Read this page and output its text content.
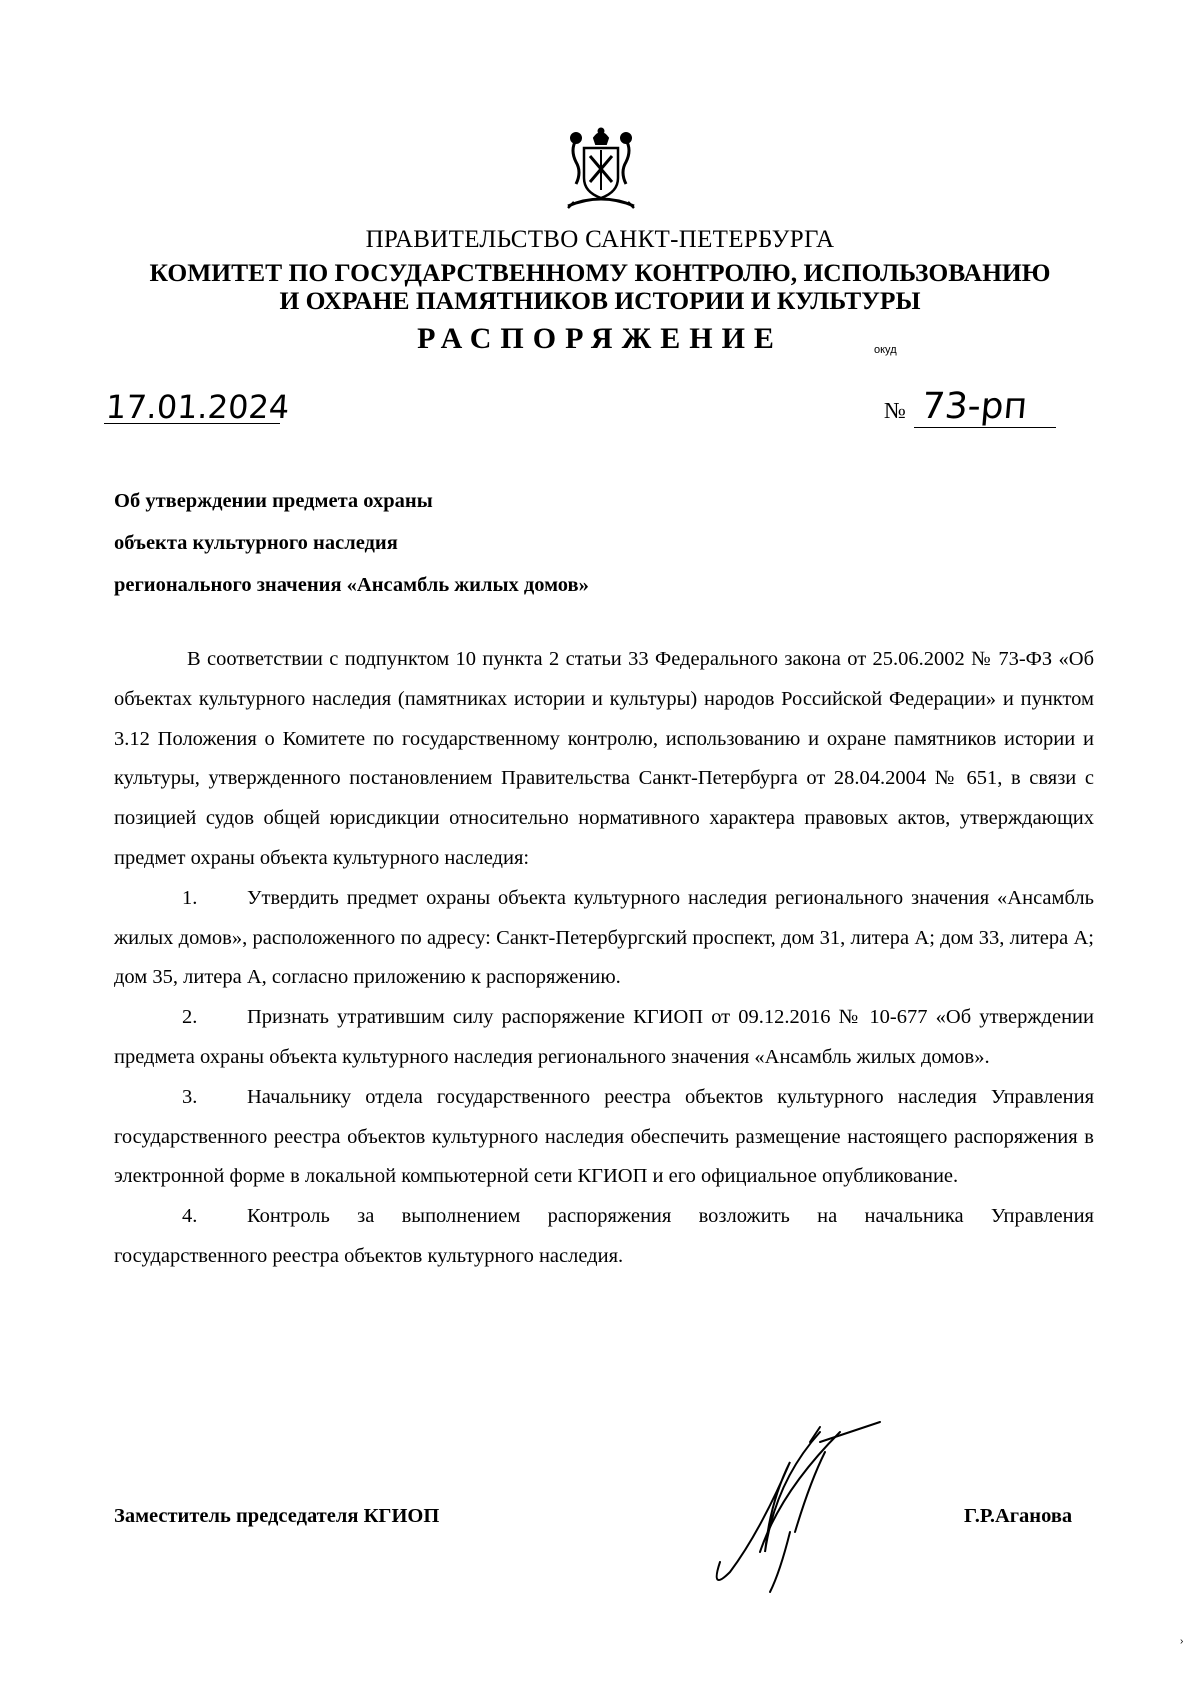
ПРАВИТЕЛЬСТВО САНКТ-ПЕТЕРБУРГА
КОМИТЕТ ПО ГОСУДАРСТВЕННОМУ КОНТРОЛЮ, ИСПОЛЬЗОВАНИЮ
И ОХРАНЕ ПАМЯТНИКОВ ИСТОРИИ И КУЛЬТУРЫ
РАСПОРЯЖЕНИЕ	окуд
17.01.2024	№ 73-рп
Об утверждении предмета охраны
объекта культурного наследия
регионального значения «Ансамбль жилых домов»

В соответствии с подпунктом 10 пункта 2 статьи 33 Федерального закона от 25.06.2002 № 73-ФЗ «Об объектах культурного наследия (памятниках истории и культуры) народов Российской Федерации» и пунктом 3.12 Положения о Комитете по государственному контролю, использованию и охране памятников истории и культуры, утвержденного постановлением Правительства Санкт-Петербурга от 28.04.2004 № 651, в связи с позицией судов общей юрисдикции относительно нормативного характера правовых актов, утверждающих предмет охраны объекта культурного наследия:

1. Утвердить предмет охраны объекта культурного наследия регионального значения «Ансамбль жилых домов», расположенного по адресу: Санкт-Петербургский проспект, дом 31, литера А; дом 33, литера А; дом 35, литера А, согласно приложению к распоряжению.

2. Признать утратившим силу распоряжение КГИОП от 09.12.2016 № 10-677 «Об утверждении предмета охраны объекта культурного наследия регионального значения «Ансамбль жилых домов».

3. Начальнику отдела государственного реестра объектов культурного наследия Управления государственного реестра объектов культурного наследия обеспечить размещение настоящего распоряжения в электронной форме в локальной компьютерной сети КГИОП и его официальное опубликование.

4. Контроль за выполнением распоряжения возложить на начальника Управления государственного реестра объектов культурного наследия.

Заместитель председателя КГИОП	Г.Р.Аганова
›
